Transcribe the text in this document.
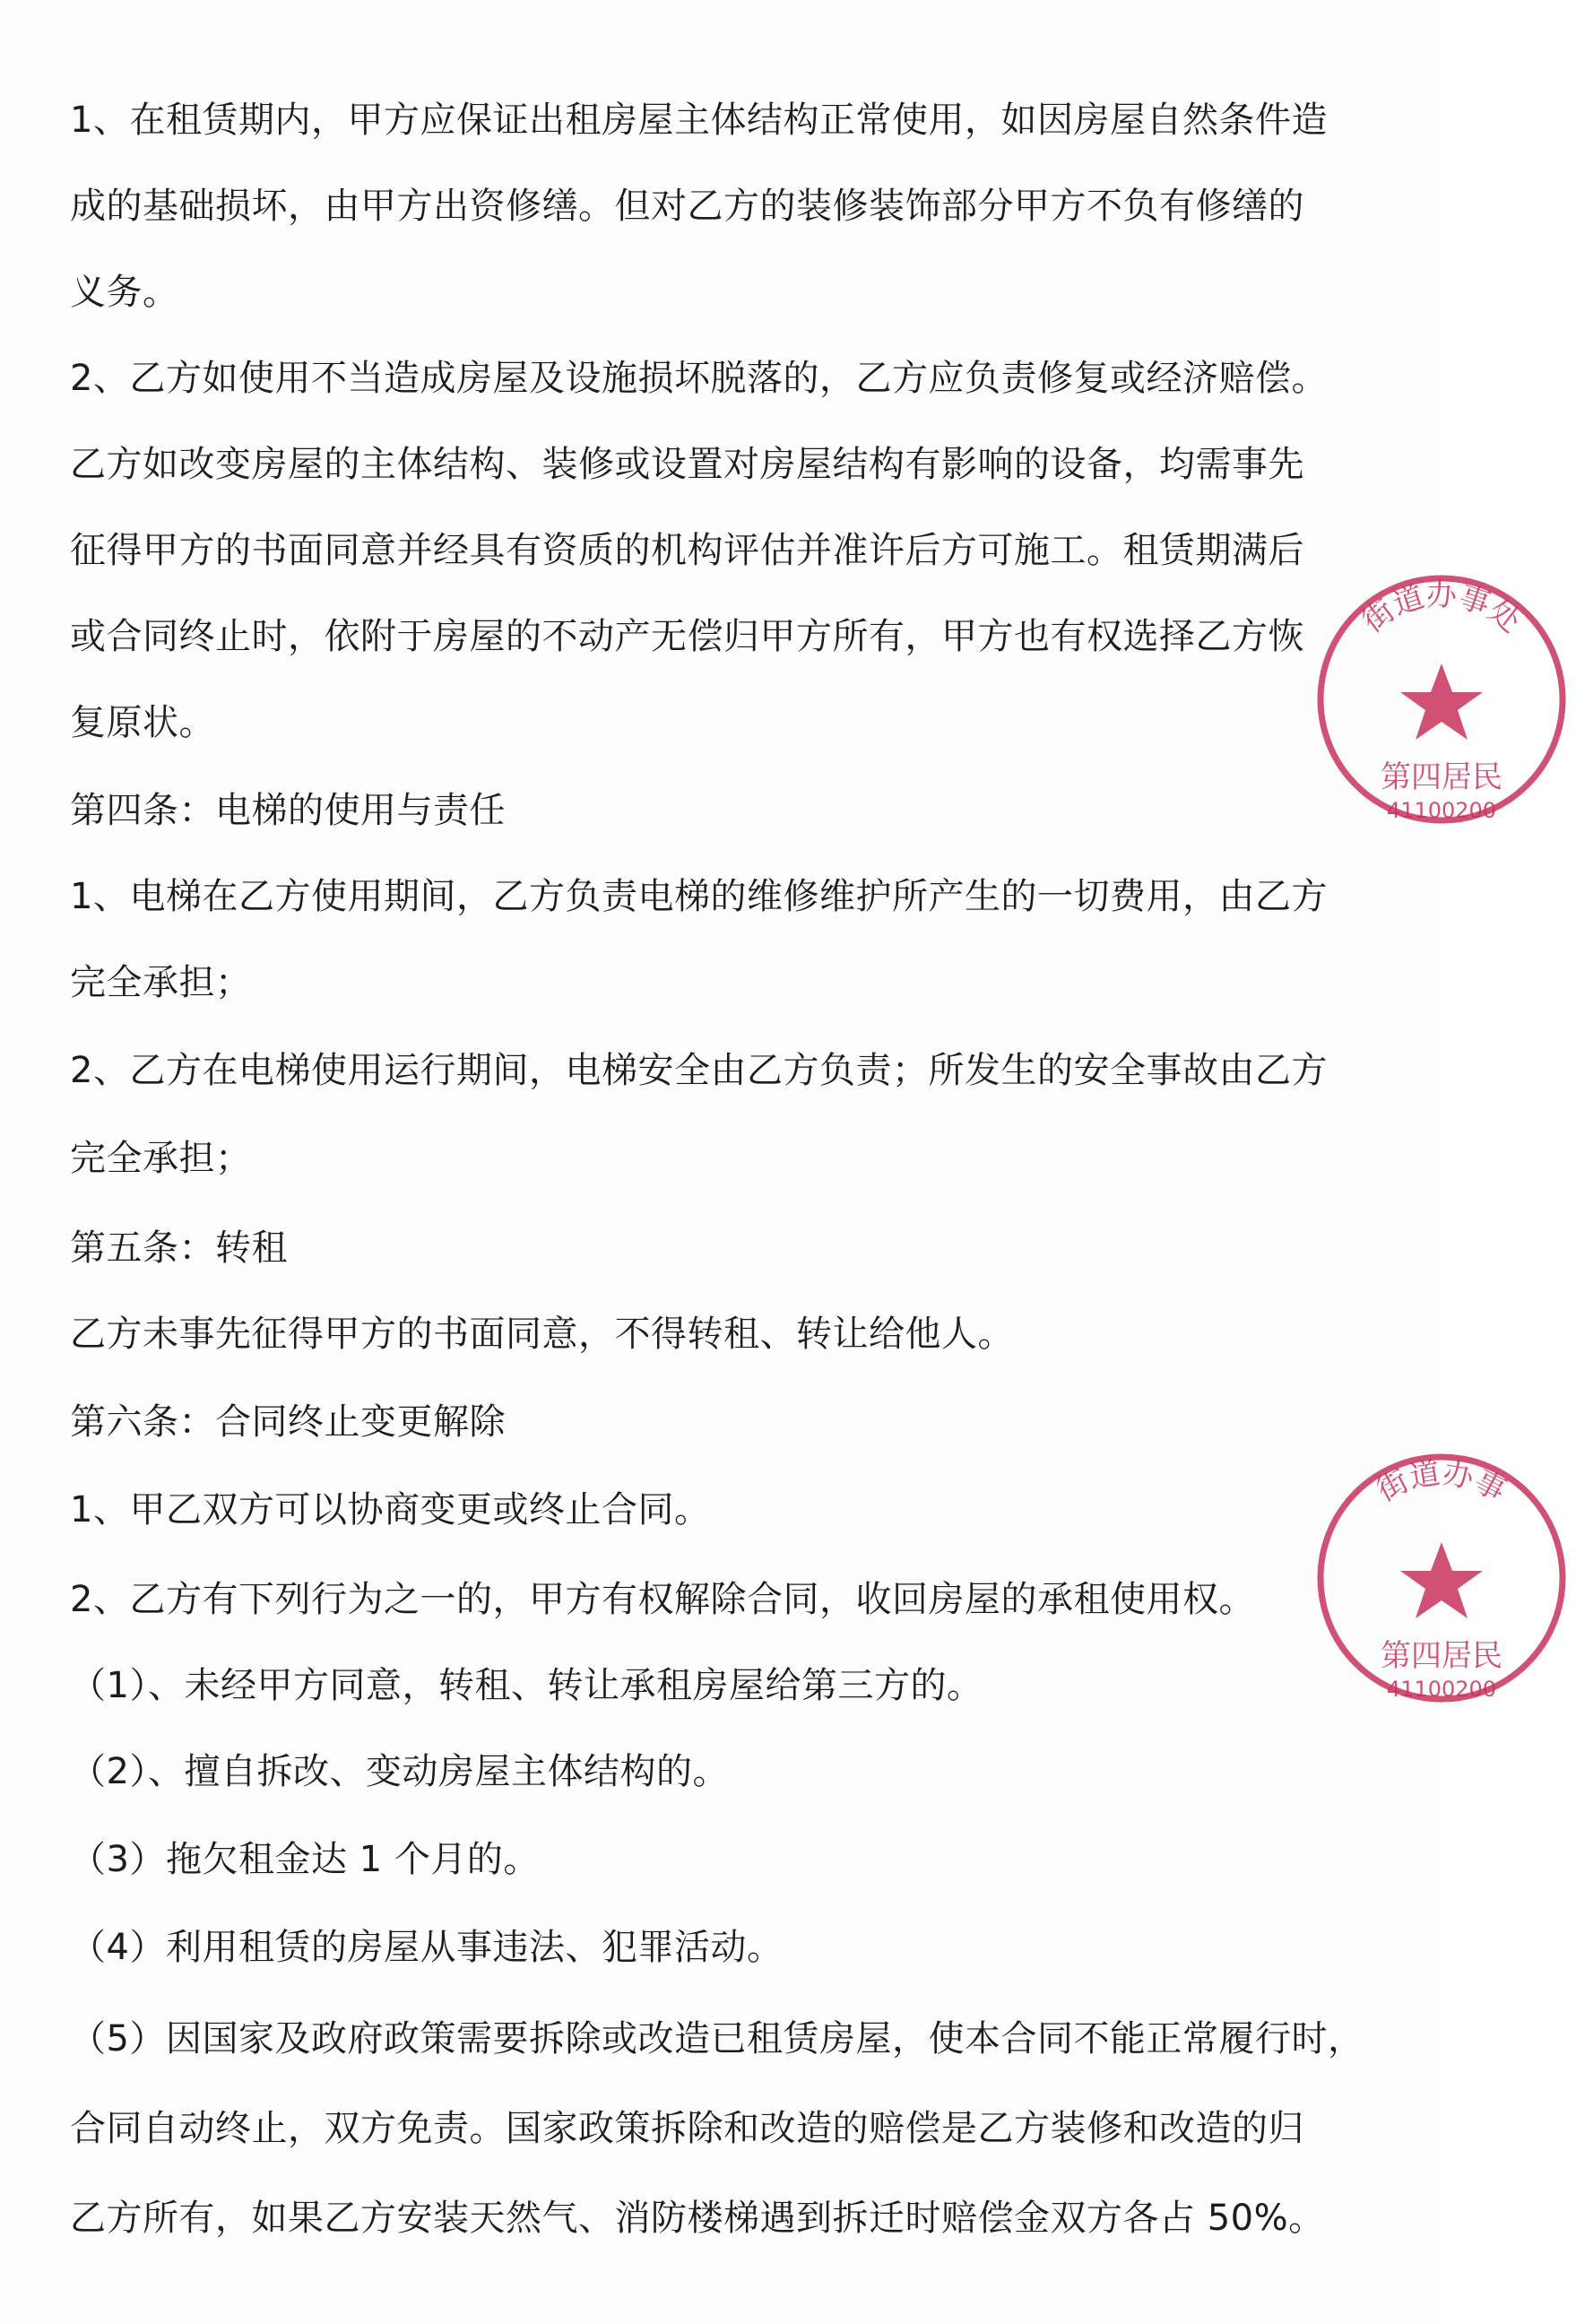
1、在租赁期内，甲方应保证出租房屋主体结构正常使用，如因房屋自然条件造
成的基础损坏，由甲方出资修缮。但对乙方的装修装饰部分甲方不负有修缮的
义务。
2、乙方如使用不当造成房屋及设施损坏脱落的，乙方应负责修复或经济赔偿。
乙方如改变房屋的主体结构、装修或设置对房屋结构有影响的设备，均需事先
征得甲方的书面同意并经具有资质的机构评估并准许后方可施工。租赁期满后
或合同终止时，依附于房屋的不动产无偿归甲方所有，甲方也有权选择乙方恢
复原状。
第四条：电梯的使用与责任
1、电梯在乙方使用期间，乙方负责电梯的维修维护所产生的一切费用，由乙方
完全承担；
2、乙方在电梯使用运行期间，电梯安全由乙方负责；所发生的安全事故由乙方
完全承担；
第五条：转租
乙方未事先征得甲方的书面同意，不得转租、转让给他人。
第六条：合同终止变更解除
1、甲乙双方可以协商变更或终止合同。
2、乙方有下列行为之一的，甲方有权解除合同，收回房屋的承租使用权。
（1）、未经甲方同意，转租、转让承租房屋给第三方的。
（2）、擅自拆改、变动房屋主体结构的。
（3）拖欠租金达 1 个月的。
（4）利用租赁的房屋从事违法、犯罪活动。
（5）因国家及政府政策需要拆除或改造已租赁房屋，使本合同不能正常履行时，
合同自动终止，双方免责。国家政策拆除和改造的赔偿是乙方装修和改造的归
乙方所有，如果乙方安装天然气、消防楼梯遇到拆迁时赔偿金双方各占 50%。
街道办事处
第四居民
41100200
街道办事
第四居民
41100200
